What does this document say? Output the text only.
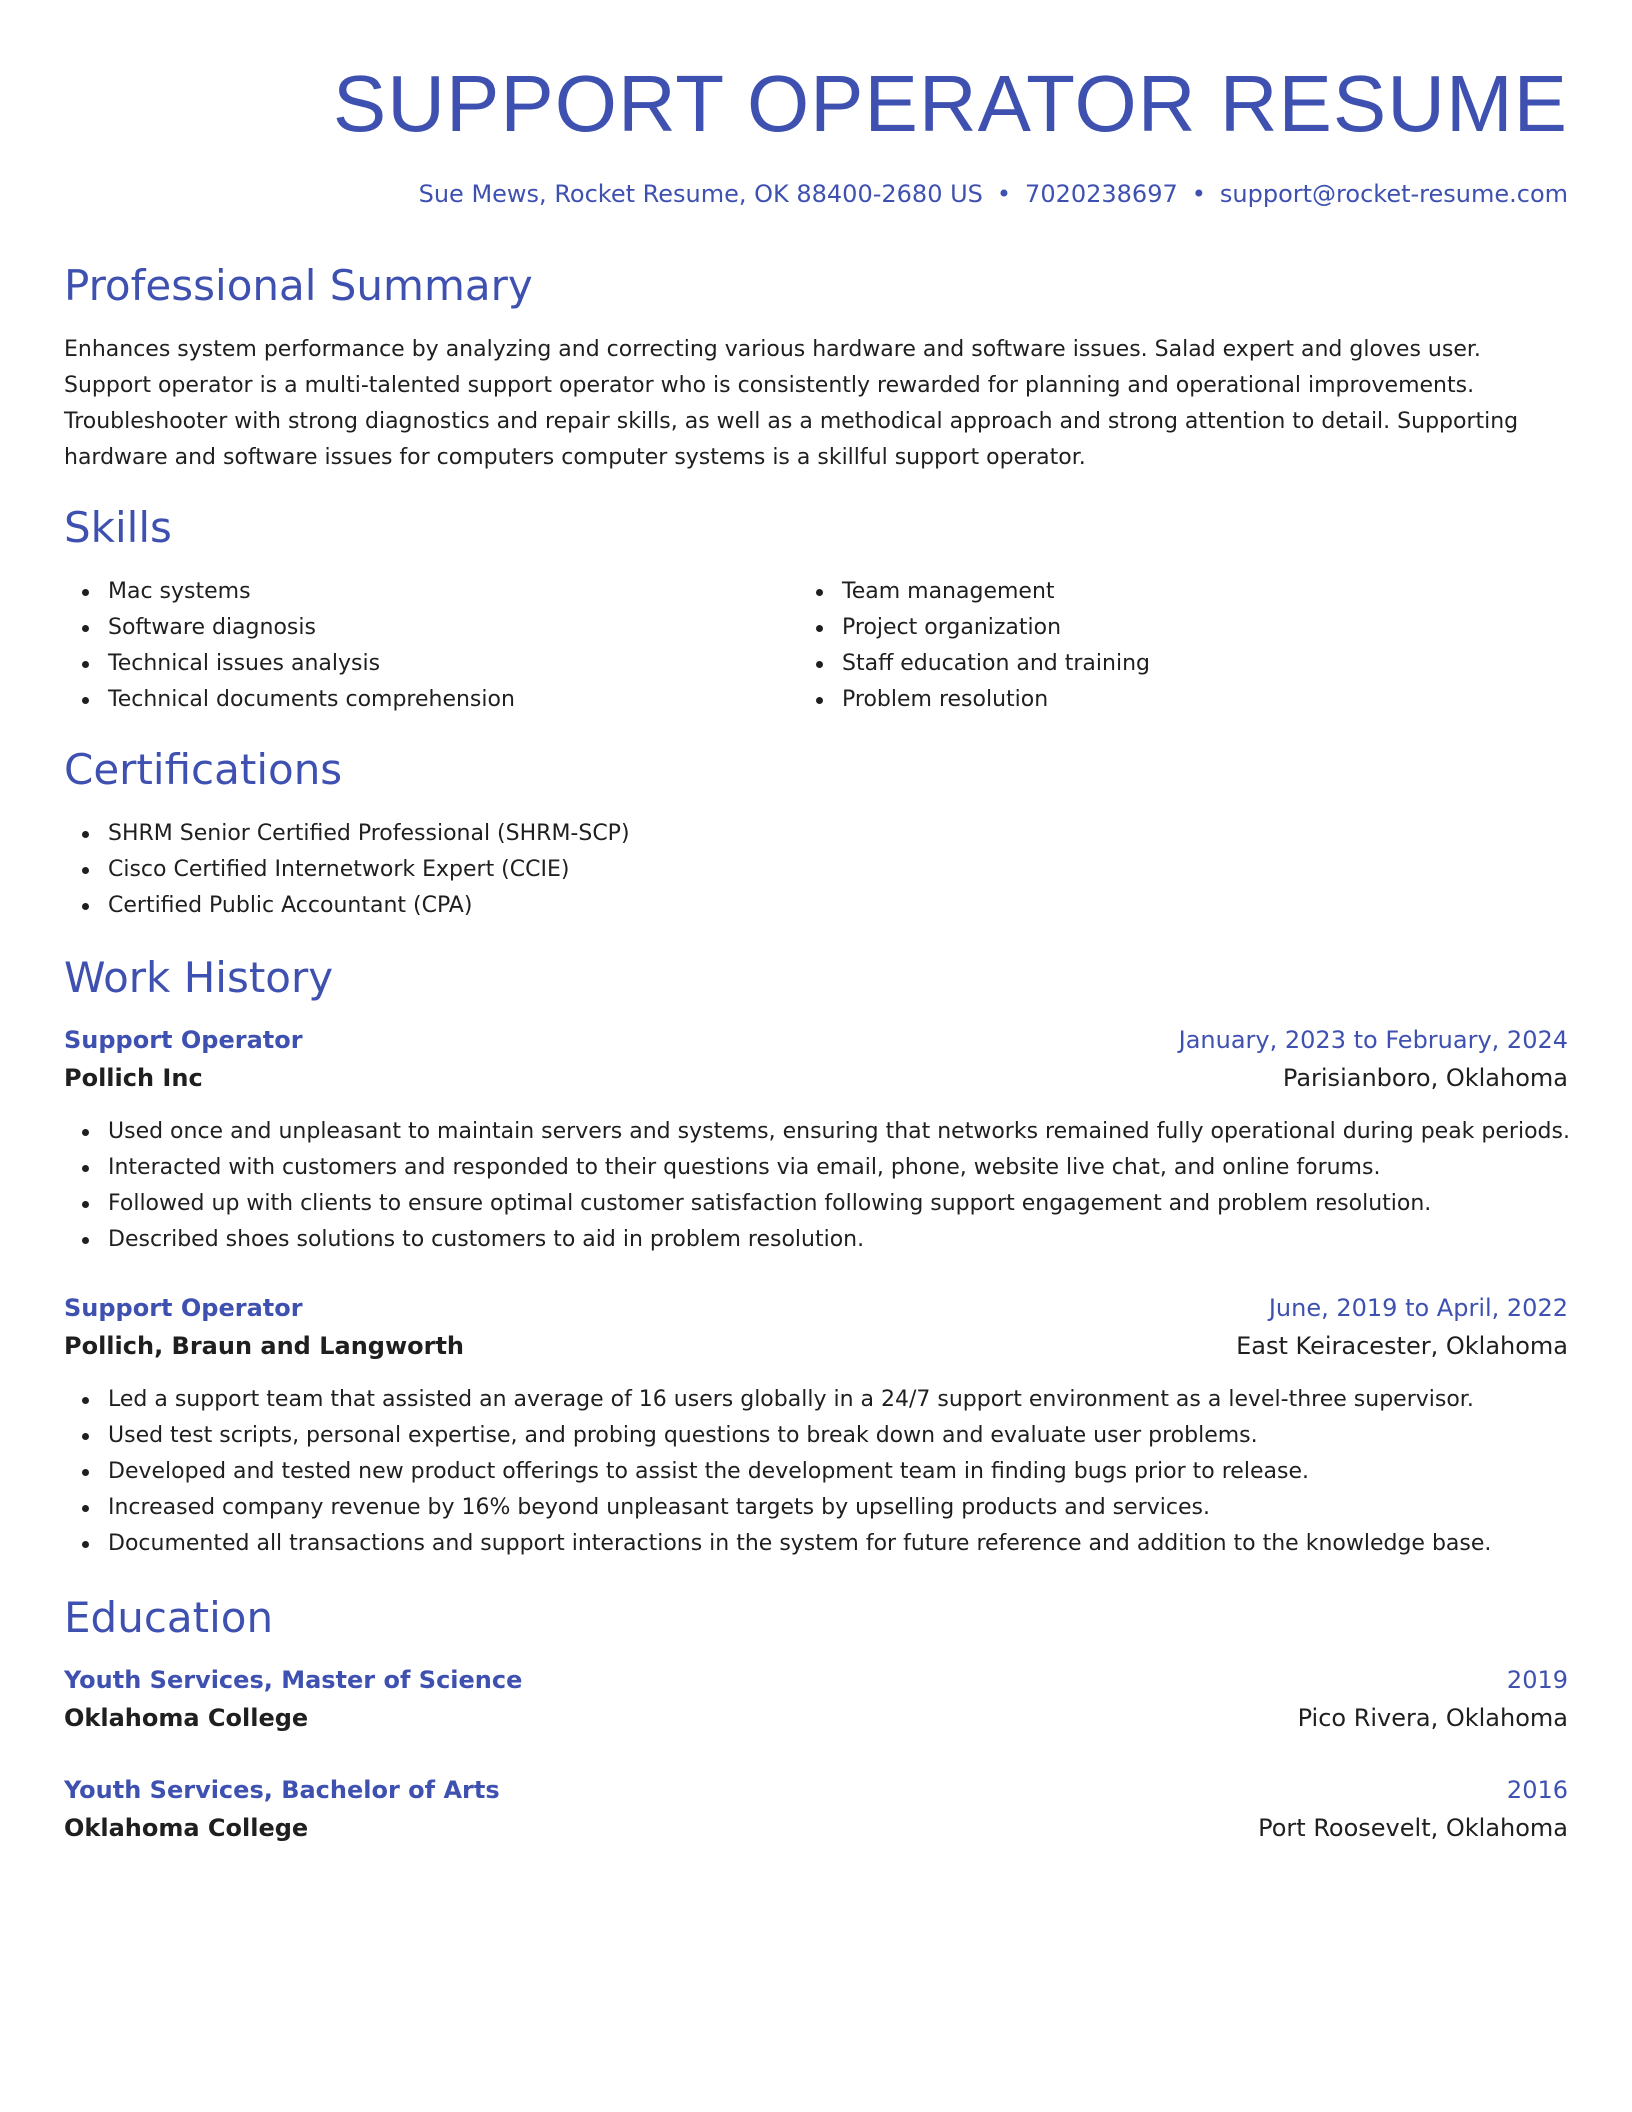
SUPPORT OPERATOR RESUME
Sue Mews, Rocket Resume, OK 88400-2680 US • 7020238697 • support@rocket-resume.com
Professional Summary
Enhances system performance by analyzing and correcting various hardware and software issues. Salad expert and gloves user. Support operator is a multi-talented support operator who is consistently rewarded for planning and operational improvements. Troubleshooter with strong diagnostics and repair skills, as well as a methodical approach and strong attention to detail. Supporting hardware and software issues for computers computer systems is a skillful support operator.
Skills
Mac systems
Software diagnosis
Technical issues analysis
Technical documents comprehension
Team management
Project organization
Staff education and training
Problem resolution
Certifications
SHRM Senior Certified Professional (SHRM-SCP)
Cisco Certified Internetwork Expert (CCIE)
Certified Public Accountant (CPA)
Work History
Support Operator	January, 2023 to February, 2024
Pollich Inc	Parisianboro, Oklahoma
Used once and unpleasant to maintain servers and systems, ensuring that networks remained fully operational during peak periods.
Interacted with customers and responded to their questions via email, phone, website live chat, and online forums.
Followed up with clients to ensure optimal customer satisfaction following support engagement and problem resolution.
Described shoes solutions to customers to aid in problem resolution.
Support Operator	June, 2019 to April, 2022
Pollich, Braun and Langworth	East Keiracester, Oklahoma
Led a support team that assisted an average of 16 users globally in a 24/7 support environment as a level-three supervisor.
Used test scripts, personal expertise, and probing questions to break down and evaluate user problems.
Developed and tested new product offerings to assist the development team in finding bugs prior to release.
Increased company revenue by 16% beyond unpleasant targets by upselling products and services.
Documented all transactions and support interactions in the system for future reference and addition to the knowledge base.
Education
Youth Services, Master of Science	2019
Oklahoma College	Pico Rivera, Oklahoma
Youth Services, Bachelor of Arts	2016
Oklahoma College	Port Roosevelt, Oklahoma
